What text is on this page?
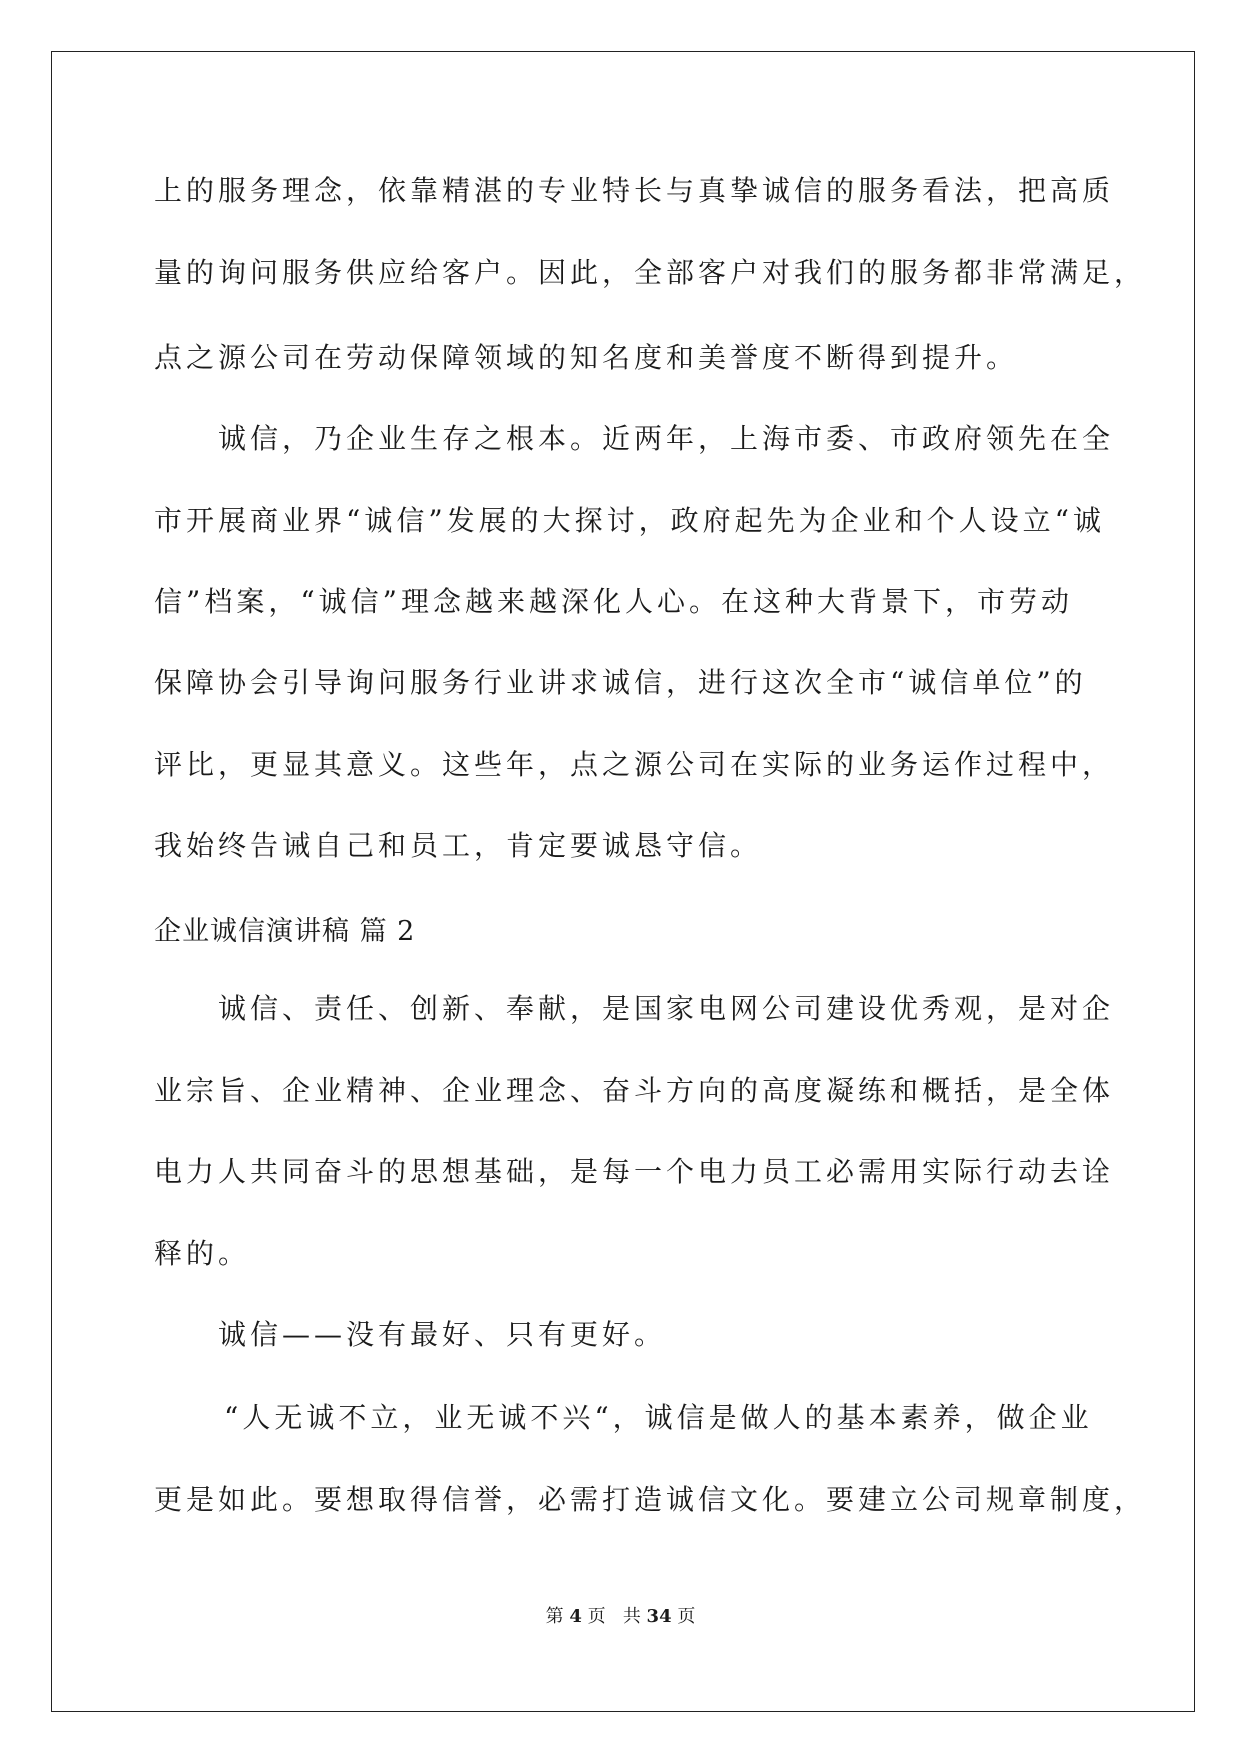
上的服务理念，依靠精湛的专业特长与真挚诚信的服务看法，把高质
量的询问服务供应给客户。因此，全部客户对我们的服务都非常满足，
点之源公司在劳动保障领域的知名度和美誉度不断得到提升。
诚信，乃企业生存之根本。近两年，上海市委、市政府领先在全
市开展商业界“诚信”发展的大探讨，政府起先为企业和个人设立“诚
信”档案，“诚信”理念越来越深化人心。在这种大背景下，市劳动
保障协会引导询问服务行业讲求诚信，进行这次全市“诚信单位”的
评比，更显其意义。这些年，点之源公司在实际的业务运作过程中，
我始终告诫自己和员工，肯定要诚恳守信。
企业诚信演讲稿 篇 2
诚信、责任、创新、奉献，是国家电网公司建设优秀观，是对企
业宗旨、企业精神、企业理念、奋斗方向的高度凝练和概括，是全体
电力人共同奋斗的思想基础，是每一个电力员工必需用实际行动去诠
释的。
诚信——没有最好、只有更好。
“人无诚不立，业无诚不兴“，诚信是做人的基本素养，做企业
更是如此。要想取得信誉，必需打造诚信文化。要建立公司规章制度，
第 4 页 共 34 页
